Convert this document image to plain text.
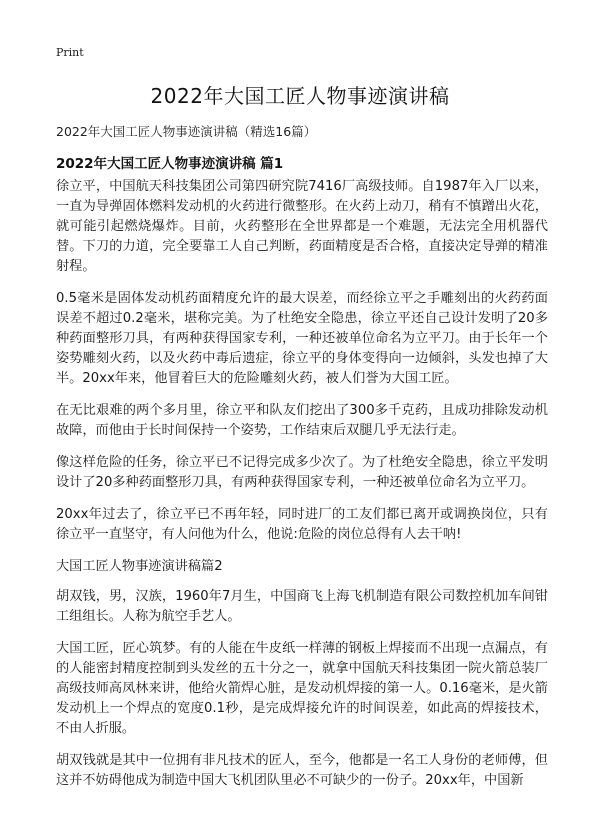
Print
2022年大国工匠人物事迹演讲稿
2022年大国工匠人物事迹演讲稿（精选16篇）
2022年大国工匠人物事迹演讲稿 篇1

徐立平，中国航天科技集团公司第四研究院7416厂高级技师。自1987年入厂以来，一直为导弹固体燃料发动机的火药进行微整形。在火药上动刀，稍有不慎蹭出火花，就可能引起燃烧爆炸。目前，火药整形在全世界都是一个难题，无法完全用机器代替。下刀的力道，完全要靠工人自己判断，药面精度是否合格，直接决定导弹的精准射程。

0.5毫米是固体发动机药面精度允许的最大误差，而经徐立平之手雕刻出的火药药面误差不超过0.2毫米，堪称完美。为了杜绝安全隐患，徐立平还自己设计发明了20多种药面整形刀具，有两种获得国家专利，一种还被单位命名为立平刀。由于长年一个姿势雕刻火药，以及火药中毒后遗症，徐立平的身体变得向一边倾斜，头发也掉了大半。20xx年来，他冒着巨大的危险雕刻火药，被人们誉为大国工匠。

在无比艰难的两个多月里，徐立平和队友们挖出了300多千克药，且成功排除发动机故障，而他由于长时间保持一个姿势，工作结束后双腿几乎无法行走。

像这样危险的任务，徐立平已不记得完成多少次了。为了杜绝安全隐患，徐立平发明设计了20多种药面整形刀具，有两种获得国家专利，一种还被单位命名为立平刀。

20xx年过去了，徐立平已不再年轻，同时进厂的工友们都已离开或调换岗位，只有徐立平一直坚守，有人问他为什么，他说:危险的岗位总得有人去干呐!

大国工匠人物事迹演讲稿篇2

胡双钱，男，汉族，1960年7月生，中国商飞上海飞机制造有限公司数控机加车间钳工组组长。人称为航空手艺人。

大国工匠，匠心筑梦。有的人能在牛皮纸一样薄的钢板上焊接而不出现一点漏点，有的人能密封精度控制到头发丝的五十分之一，就拿中国航天科技集团一院火箭总装厂高级技师高凤林来讲，他给火箭焊心脏，是发动机焊接的第一人。0.16毫米，是火箭发动机上一个焊点的宽度0.1秒，是完成焊接允许的时间误差，如此高的焊接技术，不由人折服。

胡双钱就是其中一位拥有非凡技术的匠人，至今，他都是一名工人身份的老师傅，但这并不妨碍他成为制造中国大飞机团队里必不可缺少的一份子。20xx年，中国新
